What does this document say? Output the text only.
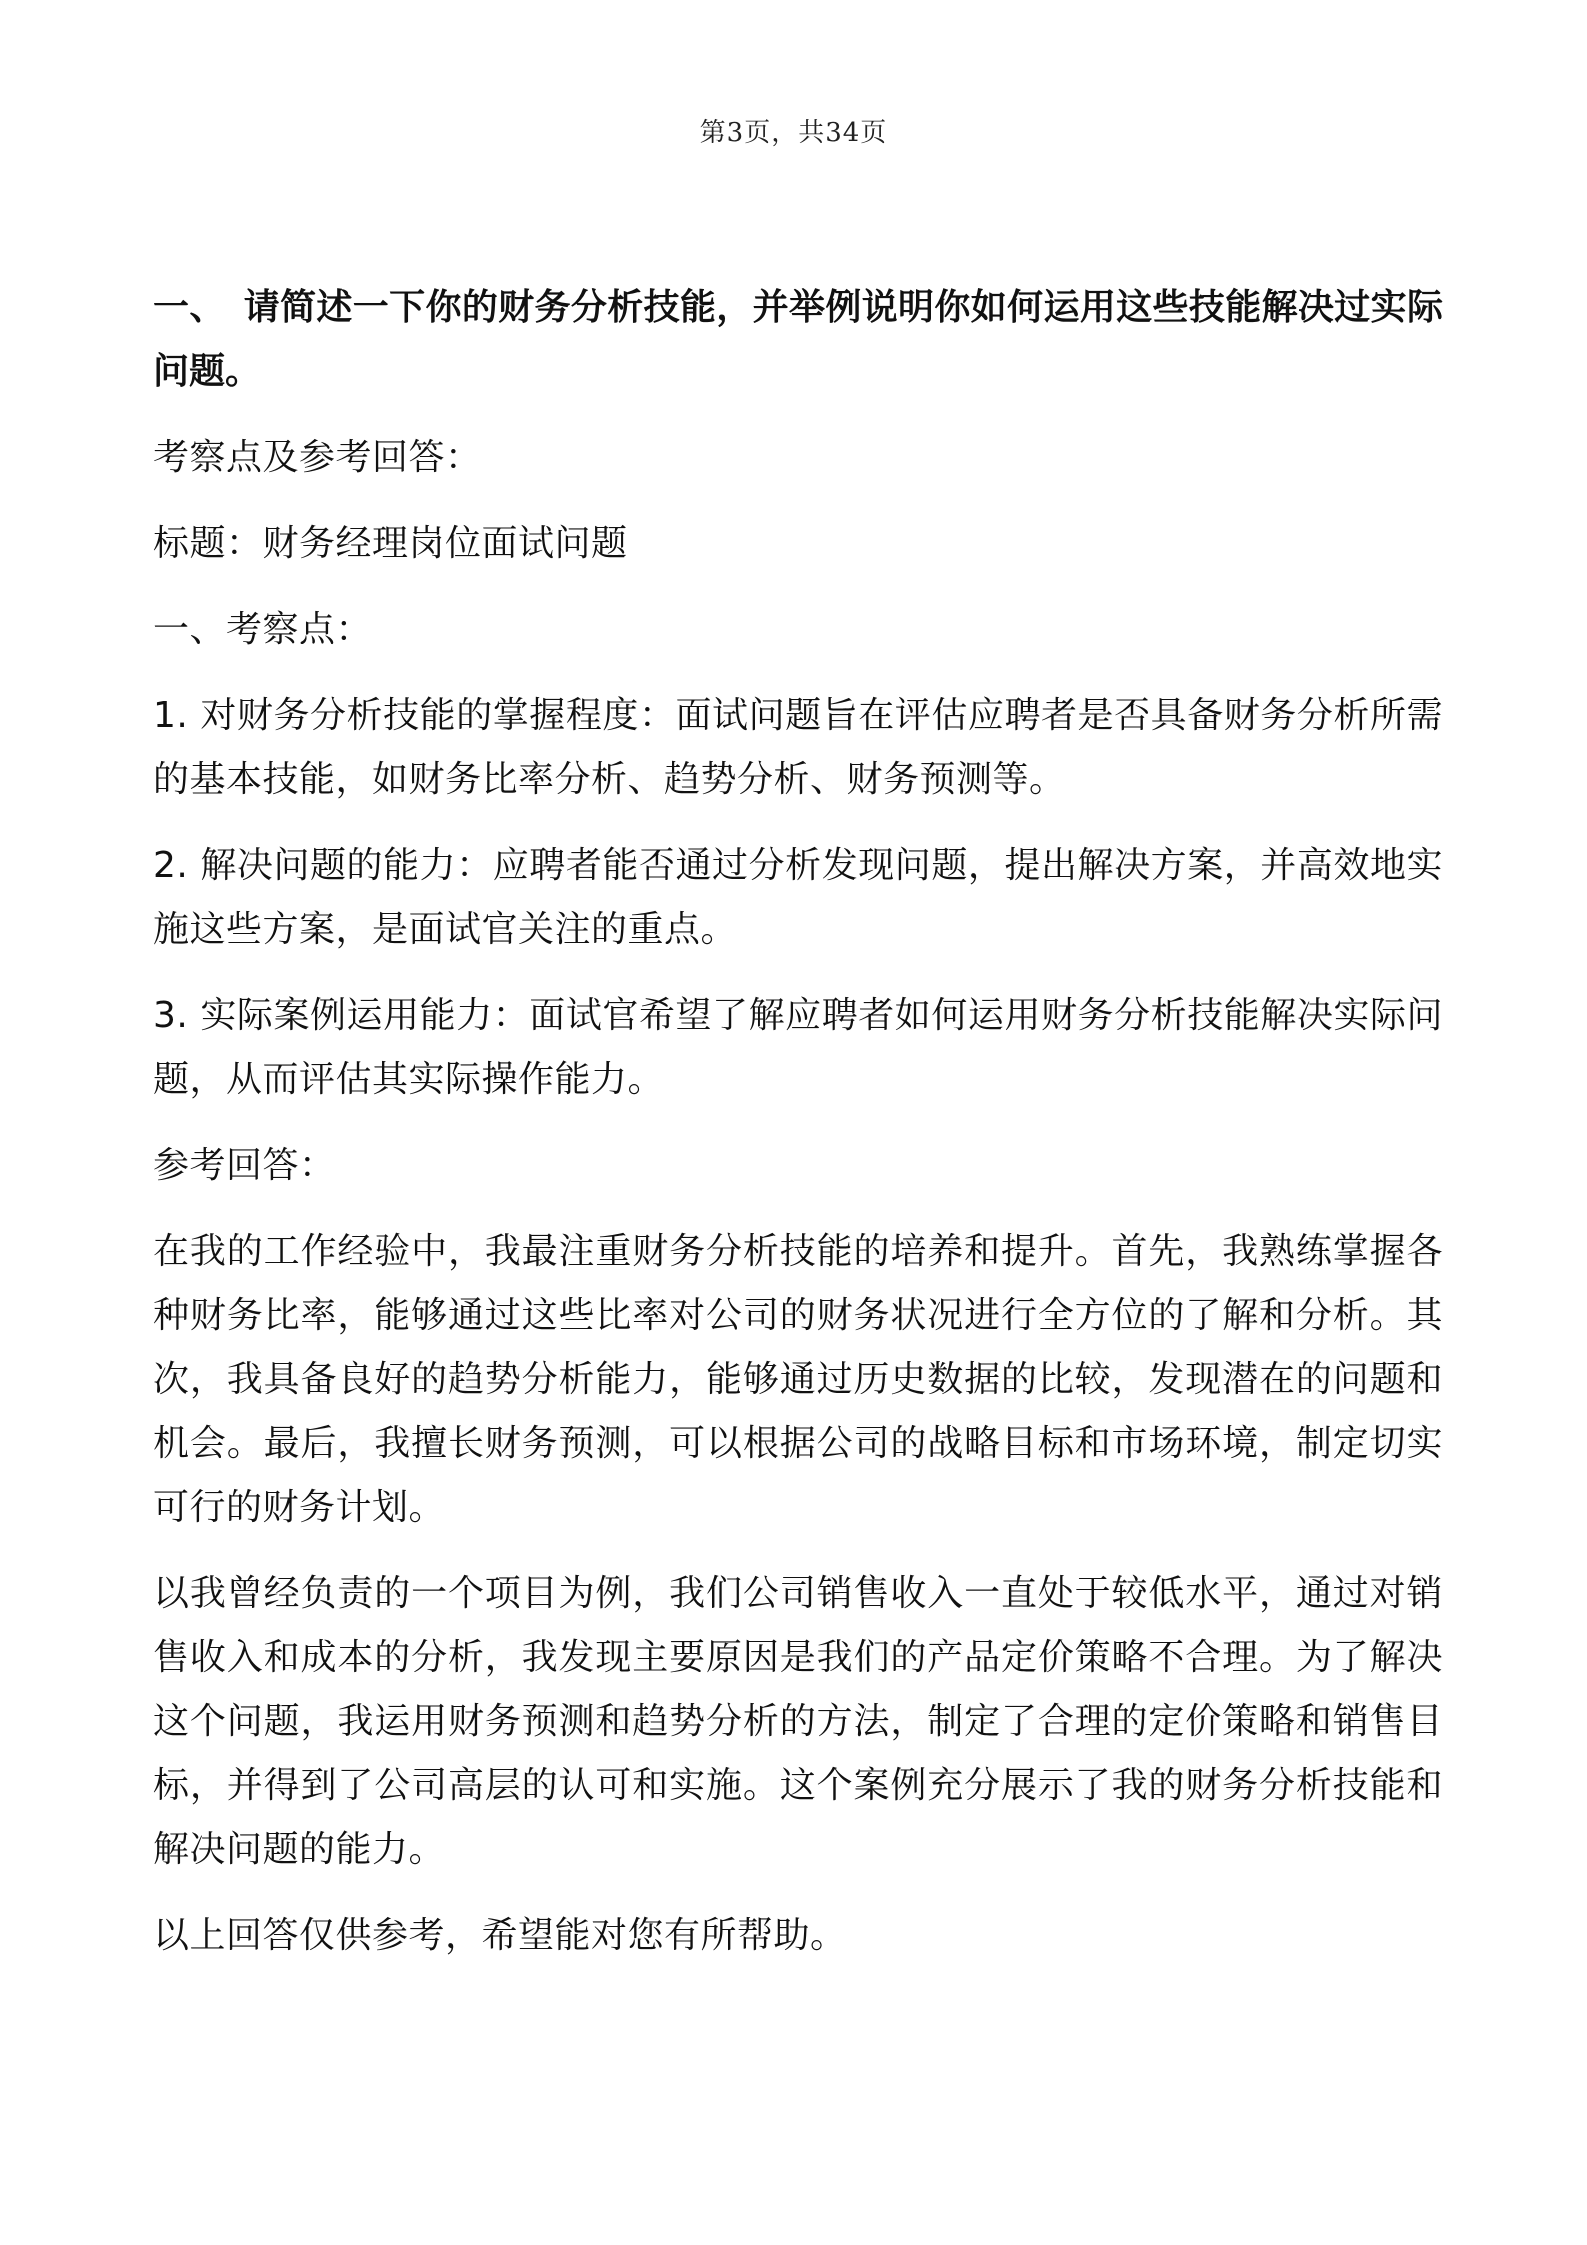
第3页，共34页

一、 请简述一下你的财务分析技能，并举例说明你如何运用这些技能解决过实际问题。

考察点及参考回答：

标题：财务经理岗位面试问题

一、考察点：

1. 对财务分析技能的掌握程度：面试问题旨在评估应聘者是否具备财务分析所需的基本技能，如财务比率分析、趋势分析、财务预测等。

2. 解决问题的能力：应聘者能否通过分析发现问题，提出解决方案，并高效地实施这些方案，是面试官关注的重点。

3. 实际案例运用能力：面试官希望了解应聘者如何运用财务分析技能解决实际问题，从而评估其实际操作能力。

参考回答：

在我的工作经验中，我最注重财务分析技能的培养和提升。首先，我熟练掌握各种财务比率，能够通过这些比率对公司的财务状况进行全方位的了解和分析。其次，我具备良好的趋势分析能力，能够通过历史数据的比较，发现潜在的问题和机会。最后，我擅长财务预测，可以根据公司的战略目标和市场环境，制定切实可行的财务计划。

以我曾经负责的一个项目为例，我们公司销售收入一直处于较低水平，通过对销售收入和成本的分析，我发现主要原因是我们的产品定价策略不合理。为了解决这个问题，我运用财务预测和趋势分析的方法，制定了合理的定价策略和销售目标，并得到了公司高层的认可和实施。这个案例充分展示了我的财务分析技能和解决问题的能力。

以上回答仅供参考，希望能对您有所帮助。
